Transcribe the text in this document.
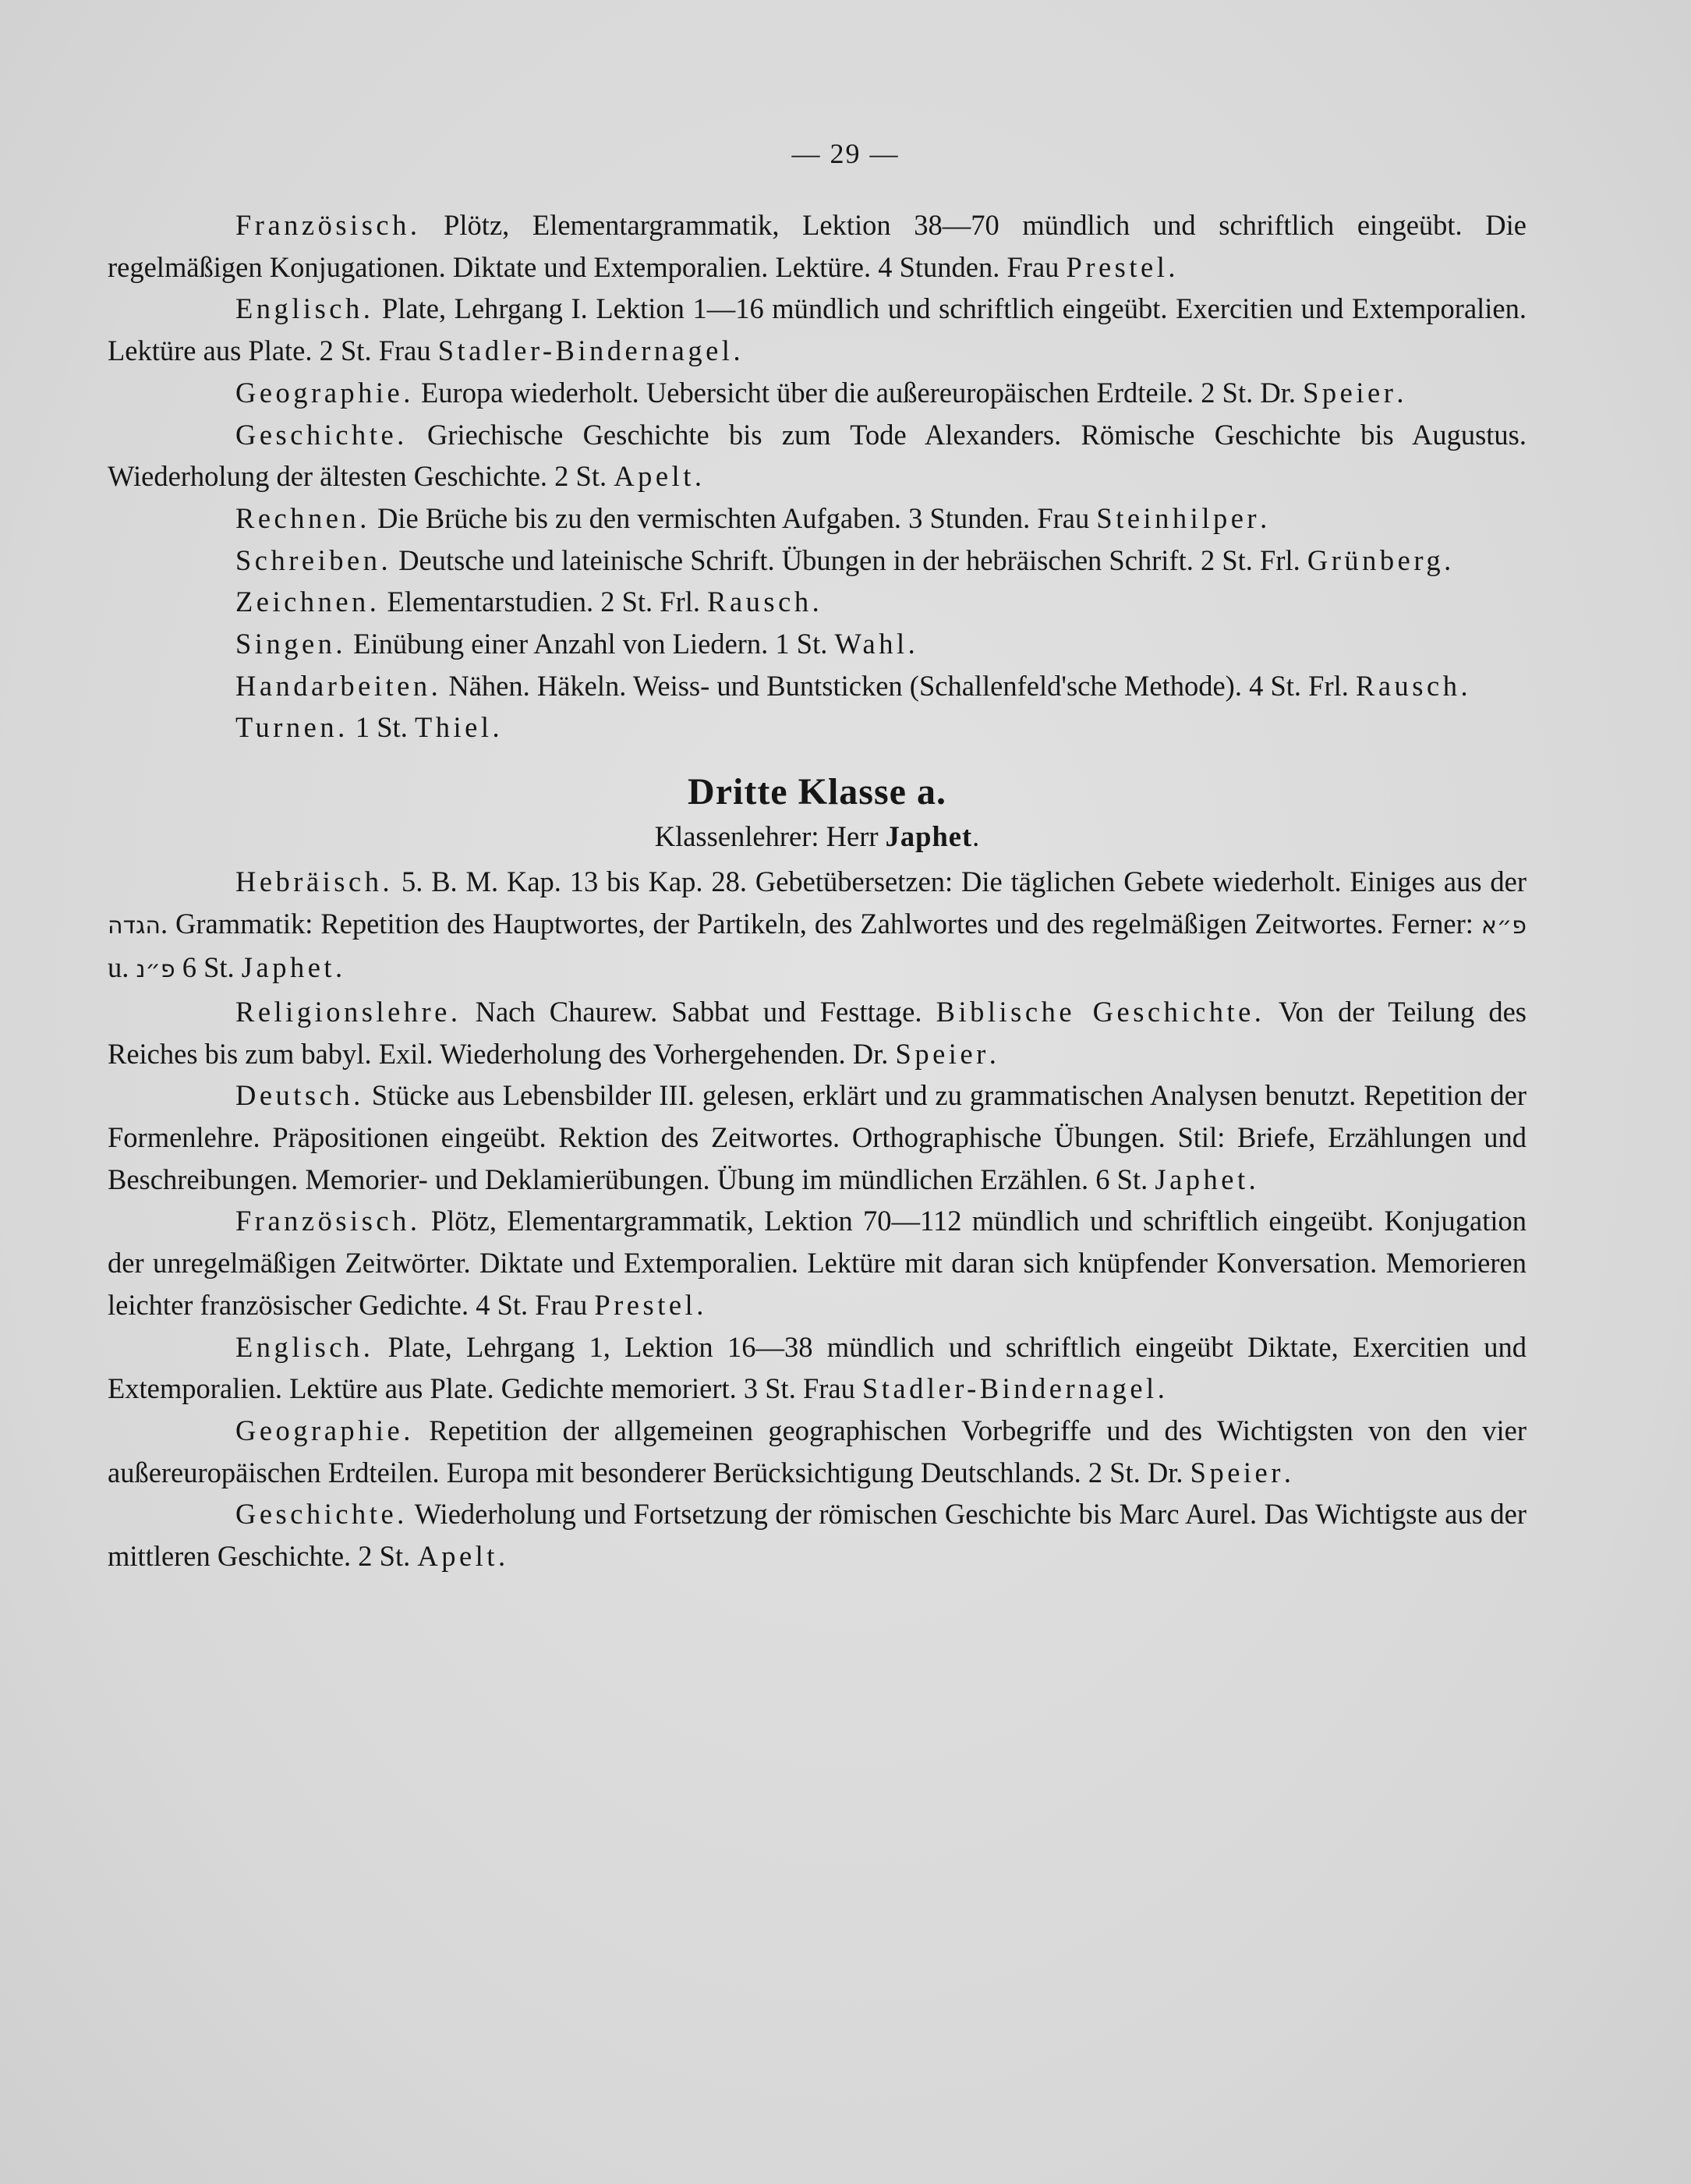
— 29 —

Französisch. Plötz, Elementargrammatik, Lektion 38—70 mündlich und schriftlich eingeübt. Die regelmäßigen Konjugationen. Diktate und Extemporalien. Lektüre. 4 Stunden. Frau Prestel.

Englisch. Plate, Lehrgang I. Lektion 1—16 mündlich und schriftlich eingeübt. Exercitien und Extemporalien. Lektüre aus Plate. 2 St. Frau Stadler-Bindernagel.

Geographie. Europa wiederholt. Uebersicht über die außereuropäischen Erdteile. 2 St. Dr. Speier.

Geschichte. Griechische Geschichte bis zum Tode Alexanders. Römische Geschichte bis Augustus. Wiederholung der ältesten Geschichte. 2 St. Apelt.

Rechnen. Die Brüche bis zu den vermischten Aufgaben. 3 Stunden. Frau Steinhilper.

Schreiben. Deutsche und lateinische Schrift. Übungen in der hebräischen Schrift. 2 St. Frl. Grünberg.

Zeichnen. Elementarstudien. 2 St. Frl. Rausch.

Singen. Einübung einer Anzahl von Liedern. 1 St. Wahl.

Handarbeiten. Nähen. Häkeln. Weiss- und Buntsticken (Schallenfeld'sche Methode). 4 St. Frl. Rausch.

Turnen. 1 St. Thiel.

Dritte Klasse a.
Klassenlehrer: Herr Japhet.

Hebräisch. 5. B. M. Kap. 13 bis Kap. 28. Gebetübersetzen: Die täglichen Gebete wiederholt. Einiges aus der הגדה. Grammatik: Repetition des Hauptwortes, der Partikeln, des Zahlwortes und des regelmäßigen Zeitwortes. Ferner: פ״א u. פ״נ 6 St. Japhet.

Religionslehre. Nach Chaurew. Sabbat und Festtage. Biblische Geschichte. Von der Teilung des Reiches bis zum babyl. Exil. Wiederholung des Vorhergehenden. Dr. Speier.

Deutsch. Stücke aus Lebensbilder III. gelesen, erklärt und zu grammatischen Analysen benutzt. Repetition der Formenlehre. Präpositionen eingeübt. Rektion des Zeitwortes. Orthographische Übungen. Stil: Briefe, Erzählungen und Beschreibungen. Memorier- und Deklamierübungen. Übung im mündlichen Erzählen. 6 St. Japhet.

Französisch. Plötz, Elementargrammatik, Lektion 70—112 mündlich und schriftlich eingeübt. Konjugation der unregelmäßigen Zeitwörter. Diktate und Extemporalien. Lektüre mit daran sich knüpfender Konversation. Memorieren leichter französischer Gedichte. 4 St. Frau Prestel.

Englisch. Plate, Lehrgang 1, Lektion 16—38 mündlich und schriftlich eingeübt Diktate, Exercitien und Extemporalien. Lektüre aus Plate. Gedichte memoriert. 3 St. Frau Stadler-Bindernagel.

Geographie. Repetition der allgemeinen geographischen Vorbegriffe und des Wichtigsten von den vier außereuropäischen Erdteilen. Europa mit besonderer Berücksichtigung Deutschlands. 2 St. Dr. Speier.

Geschichte. Wiederholung und Fortsetzung der römischen Geschichte bis Marc Aurel. Das Wichtigste aus der mittleren Geschichte. 2 St. Apelt.
